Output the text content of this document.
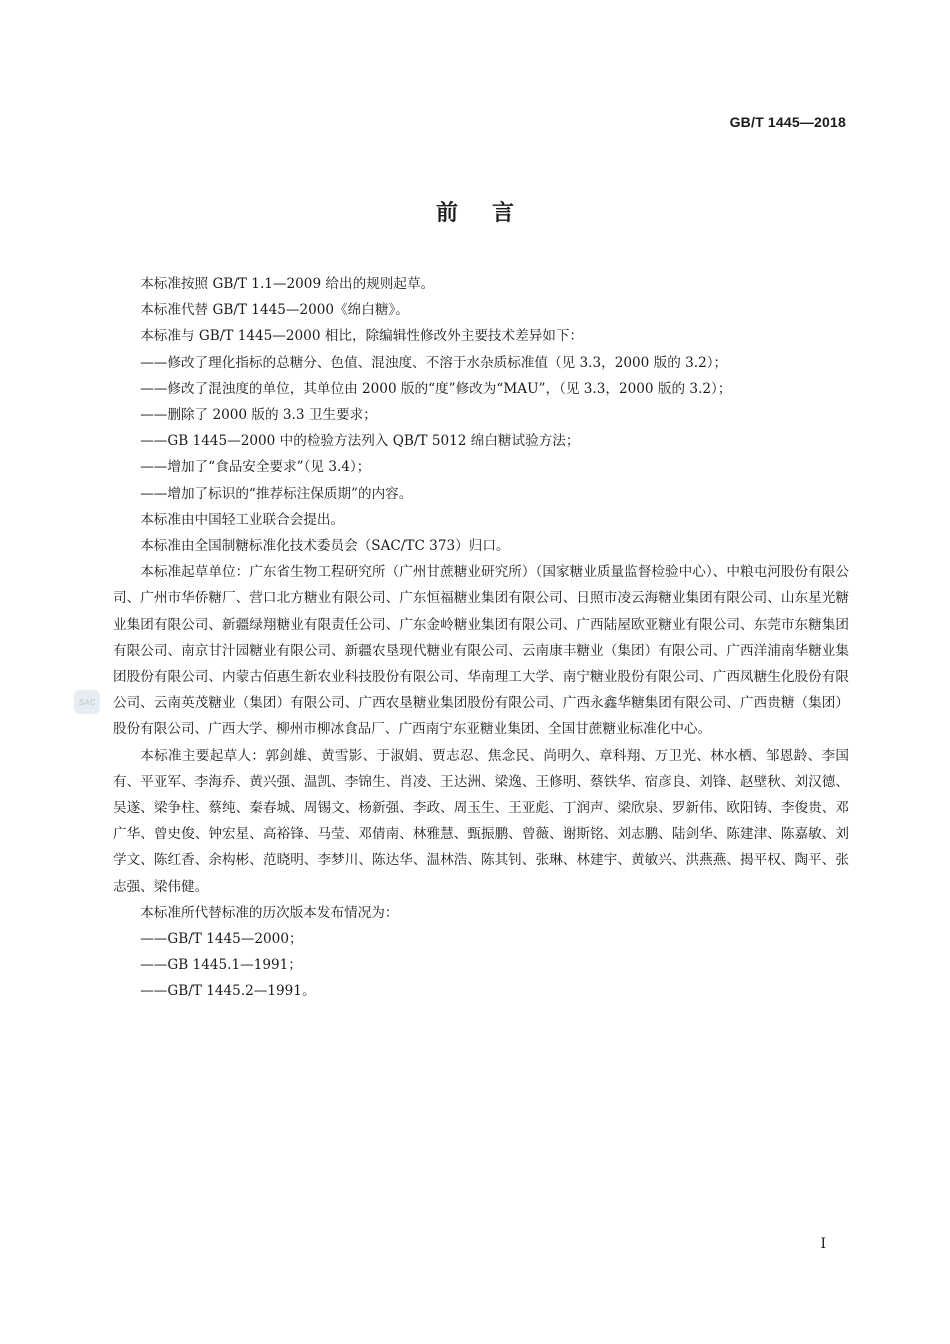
GB/T 1445—2018
前言

本标准按照 GB/T 1.1—2009 给出的规则起草。

本标准代替 GB/T 1445—2000《绵白糖》。

本标准与 GB/T 1445—2000 相比，除编辑性修改外主要技术差异如下：

——修改了理化指标的总糖分、色值、混浊度、不溶于水杂质标准值（见 3.3，2000 版的 3.2）；

——修改了混浊度的单位，其单位由 2000 版的“度”修改为“MAU”，（见 3.3，2000 版的 3.2）；

——删除了 2000 版的 3.3 卫生要求；

——GB 1445—2000 中的检验方法列入 QB/T 5012 绵白糖试验方法；

——增加了“食品安全要求”（见 3.4）；

——增加了标识的“推荐标注保质期”的内容。

本标准由中国轻工业联合会提出。

本标准由全国制糖标准化技术委员会（SAC/TC 373）归口。

本标准起草单位：广东省生物工程研究所（广州甘蔗糖业研究所）（国家糖业质量监督检验中心）、中粮屯河股份有限公司、广州市华侨糖厂、营口北方糖业有限公司、广东恒福糖业集团有限公司、日照市凌云海糖业集团有限公司、山东星光糖业集团有限公司、新疆绿翔糖业有限责任公司、广东金岭糖业集团有限公司、广西陆屋欧亚糖业有限公司、东莞市东糖集团有限公司、南京甘汁园糖业有限公司、新疆农垦现代糖业有限公司、云南康丰糖业（集团）有限公司、广西洋浦南华糖业集团股份有限公司、内蒙古佰惠生新农业科技股份有限公司、华南理工大学、南宁糖业股份有限公司、广西凤糖生化股份有限公司、云南英茂糖业（集团）有限公司、广西农垦糖业集团股份有限公司、广西永鑫华糖集团有限公司、广西贵糖（集团）股份有限公司、广西大学、柳州市柳冰食品厂、广西南宁东亚糖业集团、全国甘蔗糖业标准化中心。

本标准主要起草人：郭剑雄、黄雪影、于淑娟、贾志忍、焦念民、尚明久、章科翔、万卫光、林水栖、邹恩龄、李国有、平亚军、李海乔、黄兴强、温凯、李锦生、肖凌、王达洲、梁逸、王修明、蔡铁华、宿彦良、刘锋、赵壁秋、刘汉德、吴遂、梁争柱、蔡纯、秦春城、周锡文、杨新强、李政、周玉生、王亚彪、丁润声、梁欣泉、罗新伟、欧阳铸、李俊贵、邓广华、曾史俊、钟宏星、高裕锋、马莹、邓倩南、林雅慧、甄振鹏、曾薇、谢斯铭、刘志鹏、陆剑华、陈建津、陈嘉敏、刘学文、陈红香、余构彬、范晓明、李梦川、陈达华、温林浩、陈其钊、张琳、林建宇、黄敏兴、洪燕燕、揭平权、陶平、张志强、梁伟健。

本标准所代替标准的历次版本发布情况为：

——GB/T 1445—2000；

——GB 1445.1—1991；

——GB/T 1445.2—1991。

SAC
I
